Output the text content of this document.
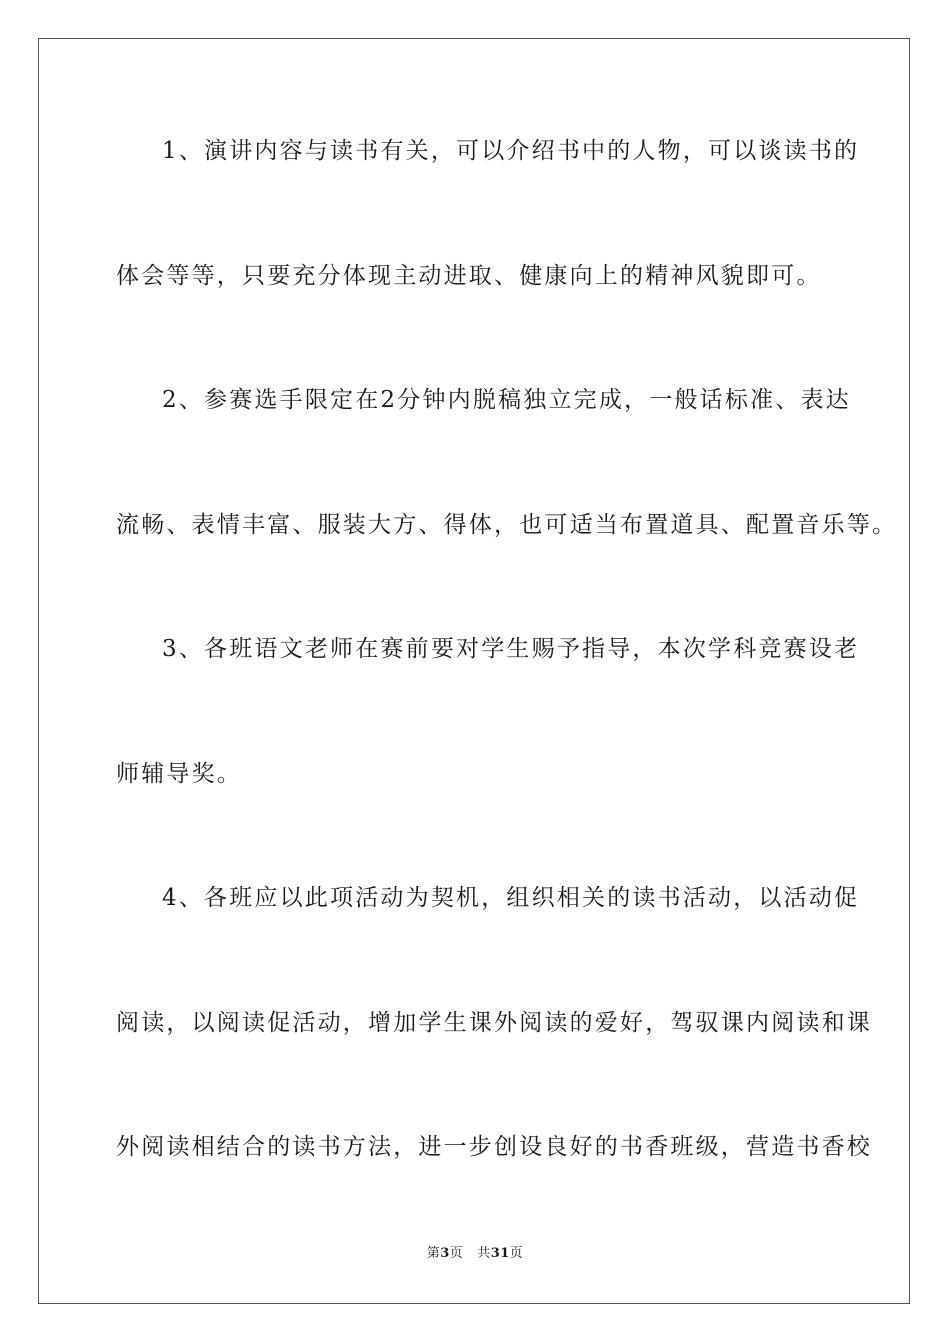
1、演讲内容与读书有关，可以介绍书中的人物，可以谈读书的
体会等等，只要充分体现主动进取、健康向上的精神风貌即可。
2、参赛选手限定在2分钟内脱稿独立完成，一般话标准、表达
流畅、表情丰富、服装大方、得体，也可适当布置道具、配置音乐等。
3、各班语文老师在赛前要对学生赐予指导，本次学科竞赛设老
师辅导奖。
4、各班应以此项活动为契机，组织相关的读书活动，以活动促
阅读，以阅读促活动，增加学生课外阅读的爱好，驾驭课内阅读和课
外阅读相结合的读书方法，进一步创设良好的书香班级，营造书香校
第3页 共31页
